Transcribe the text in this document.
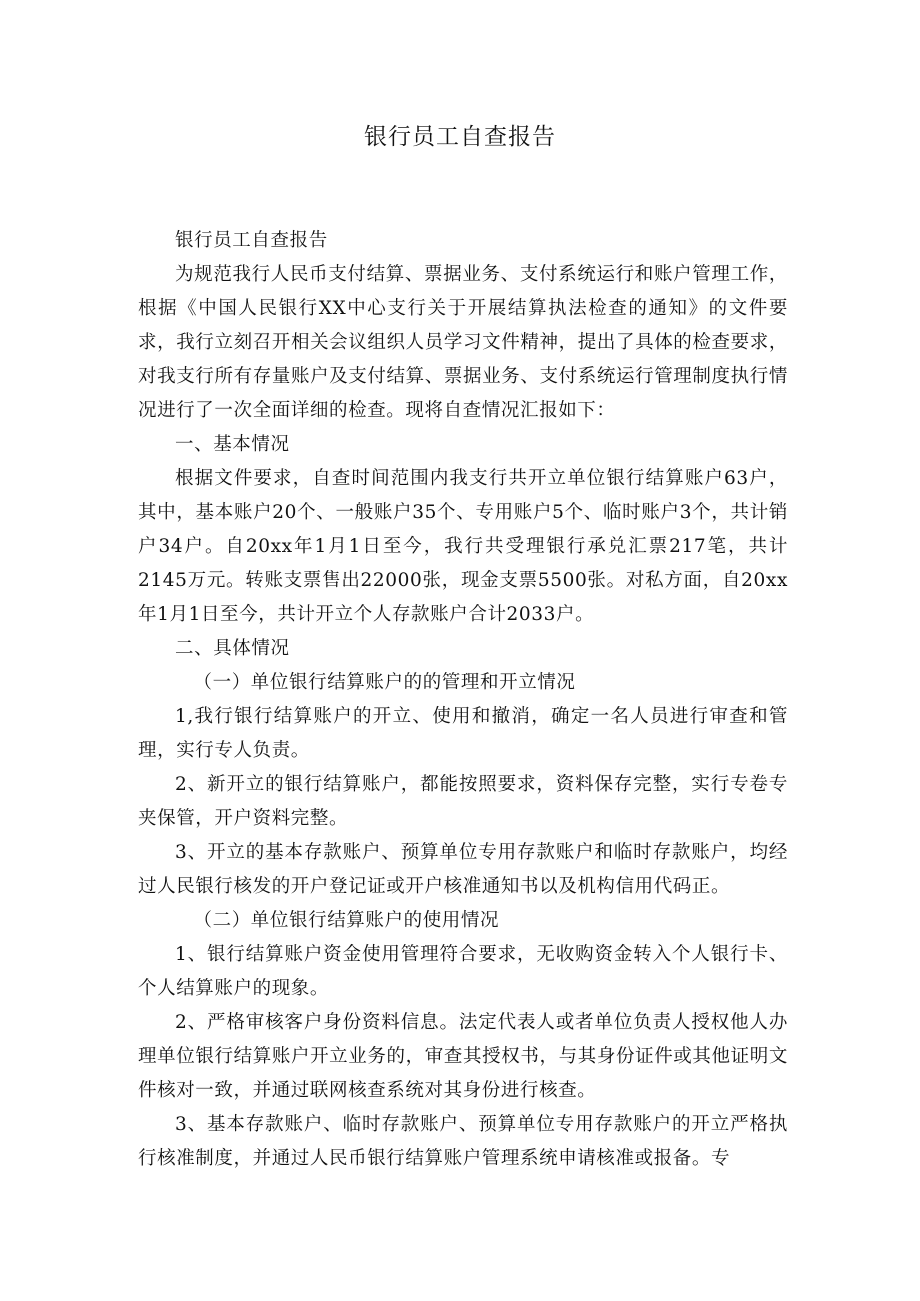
银行员工自查报告

银行员工自查报告

为规范我行人民币支付结算、票据业务、支付系统运行和账户管理工作，根据《中国人民银行XX中心支行关于开展结算执法检查的通知》的文件要求，我行立刻召开相关会议组织人员学习文件精神，提出了具体的检查要求，对我支行所有存量账户及支付结算、票据业务、支付系统运行管理制度执行情况进行了一次全面详细的检查。现将自查情况汇报如下：

一、基本情况

根据文件要求，自查时间范围内我支行共开立单位银行结算账户63户，其中，基本账户20个、一般账户35个、专用账户5个、临时账户3个，共计销户34户。自20xx年1月1日至今，我行共受理银行承兑汇票217笔，共计2145万元。转账支票售出22000张，现金支票5500张。对私方面，自20xx年1月1日至今，共计开立个人存款账户合计2033户。

二、具体情况

（一）单位银行结算账户的的管理和开立情况

1,我行银行结算账户的开立、使用和撤消，确定一名人员进行审查和管理，实行专人负责。

2、新开立的银行结算账户，都能按照要求，资料保存完整，实行专卷专夹保管，开户资料完整。

3、开立的基本存款账户、预算单位专用存款账户和临时存款账户，均经过人民银行核发的开户登记证或开户核准通知书以及机构信用代码正。

（二）单位银行结算账户的使用情况

1、银行结算账户资金使用管理符合要求，无收购资金转入个人银行卡、个人结算账户的现象。

2、严格审核客户身份资料信息。法定代表人或者单位负责人授权他人办理单位银行结算账户开立业务的，审查其授权书，与其身份证件或其他证明文件核对一致，并通过联网核查系统对其身份进行核查。

3、基本存款账户、临时存款账户、预算单位专用存款账户的开立严格执行核准制度，并通过人民币银行结算账户管理系统申请核准或报备。专
